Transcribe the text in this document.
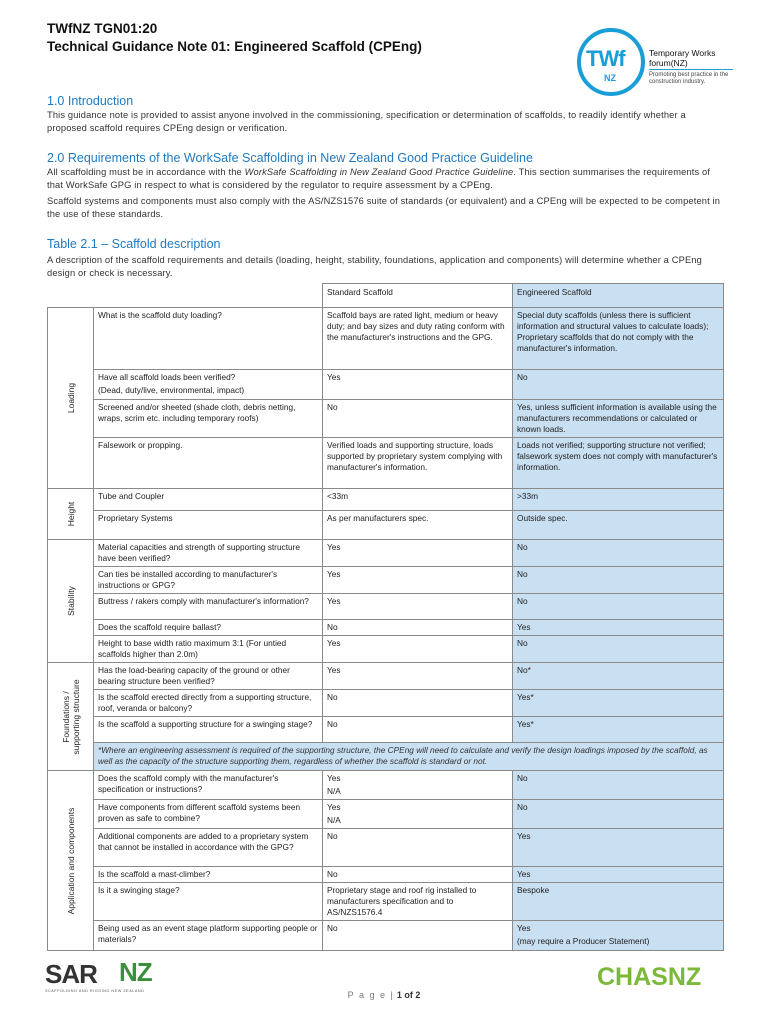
TWfNZ TGN01:20
Technical Guidance Note 01: Engineered Scaffold (CPEng)	TWf
NZ
Temporary Works forum(NZ)
Promoting best practice in the construction industry.
1.0 Introduction
This guidance note is provided to assist anyone involved in the commissioning, specification or determination of scaffolds, to readily identify whether a proposed scaffold requires CPEng design or verification.
2.0 Requirements of the WorkSafe Scaffolding in New Zealand Good Practice Guideline
All scaffolding must be in accordance with the WorkSafe Scaffolding in New Zealand Good Practice Guideline. This section summarises the requirements of that WorkSafe GPG in respect to what is considered by the regulator to require assessment by a CPEng.
Scaffold systems and components must also comply with the AS/NZS1576 suite of standards (or equivalent) and a CPEng will be expected to be competent in the use of these standards.
Table 2.1 – Scaffold description
A description of the scaffold requirements and details (loading, height, stability, foundations, application and components) will determine whether a CPEng design or check is necessary.
		Standard Scaffold	Engineered Scaffold

Loading	What is the scaffold duty loading?	Scaffold bays are rated light, medium or heavy duty; and bay sizes and duty rating conform with the manufacturer's instructions and the GPG.	Special duty scaffolds (unless there is sufficient information and structural values to calculate loads); Proprietary scaffolds that do not comply with the manufacturer's information.
	Have all scaffold loads been verified?
(Dead, duty/live, environmental, impact)	Yes	No
	Screened and/or sheeted (shade cloth, debris netting, wraps, scrim etc. including temporary roofs)	No	Yes, unless sufficient information is available using the manufacturers recommendations or calculated or known loads.
	Falsework or propping.	Verified loads and supporting structure, loads supported by proprietary system complying with manufacturer's information.	Loads not verified; supporting structure not verified; falsework system does not comply with manufacturer's information.

Height	Tube and Coupler	<33m	>33m
	Proprietary Systems	As per manufacturers spec.	Outside spec.

Stability	Material capacities and strength of supporting structure have been verified?	Yes	No
	Can ties be installed according to manufacturer's instructions or GPG?	Yes	No
	Buttress / rakers comply with manufacturer's information?	Yes	No
	Does the scaffold require ballast?	No	Yes
	Height to base width ratio maximum 3:1 (For untied scaffolds higher than 2.0m)	Yes	No

Foundations /
supporting structure	Has the load-bearing capacity of the ground or other bearing structure been verified?	Yes	No*
	Is the scaffold erected directly from a supporting structure, roof, veranda or balcony?	No	Yes*
	Is the scaffold a supporting structure for a swinging stage?	No	Yes*
	*Where an engineering assessment is required of the supporting structure, the CPEng will need to calculate and verify the design loadings imposed by the scaffold, as well as the capacity of the structure supporting them, regardless of whether the scaffold is standard or not.		

Application and components	Does the scaffold comply with the manufacturer's specification or instructions?	Yes
N/A	No
	Have components from different scaffold systems been proven as safe to combine?	Yes
N/A	No
	Additional components are added to a proprietary system that cannot be installed in accordance with the GPG?	No	Yes
	Is the scaffold a mast-climber?	No	Yes
	Is it a swinging stage?	Proprietary stage and roof rig installed to manufacturers specification and to AS/NZS1576.4	Bespoke
	Being used as an event stage platform supporting people or materials?	No	Yes
(may require a Producer Statement)
SAR NZ
SCAFFOLDING AND RIGGING NEW ZEALAND	P a g e | 1 of 2
CHASNZ
